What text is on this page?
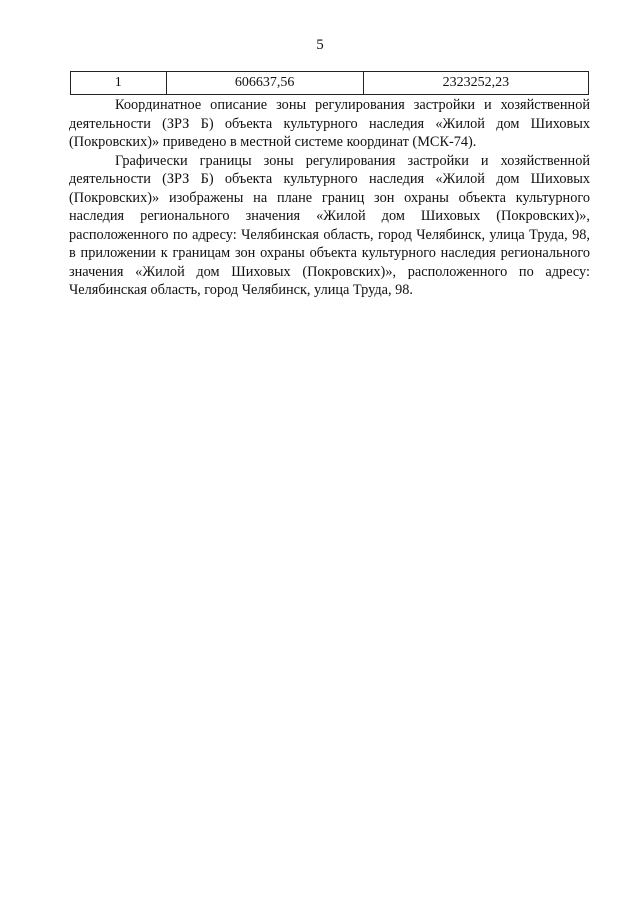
5
1	606637,56	2323252,23

Координатное описание зоны регулирования застройки и хозяйственной деятельности (ЗРЗ Б) объекта культурного наследия «Жилой дом Шиховых (Покровских)» приведено в местной системе координат (МСК-74).

Графически границы зоны регулирования застройки и хозяйственной деятельности (ЗРЗ Б) объекта культурного наследия «Жилой дом Шиховых (Покровских)» изображены на плане границ зон охраны объекта культурного наследия регионального значения «Жилой дом Шиховых (Покровских)», расположенного по адресу: Челябинская область, город Челябинск, улица Труда, 98, в приложении к границам зон охраны объекта культурного наследия регионального значения «Жилой дом Шиховых (Покровских)», расположенного по адресу: Челябинская область, город Челябинск, улица Труда, 98.
